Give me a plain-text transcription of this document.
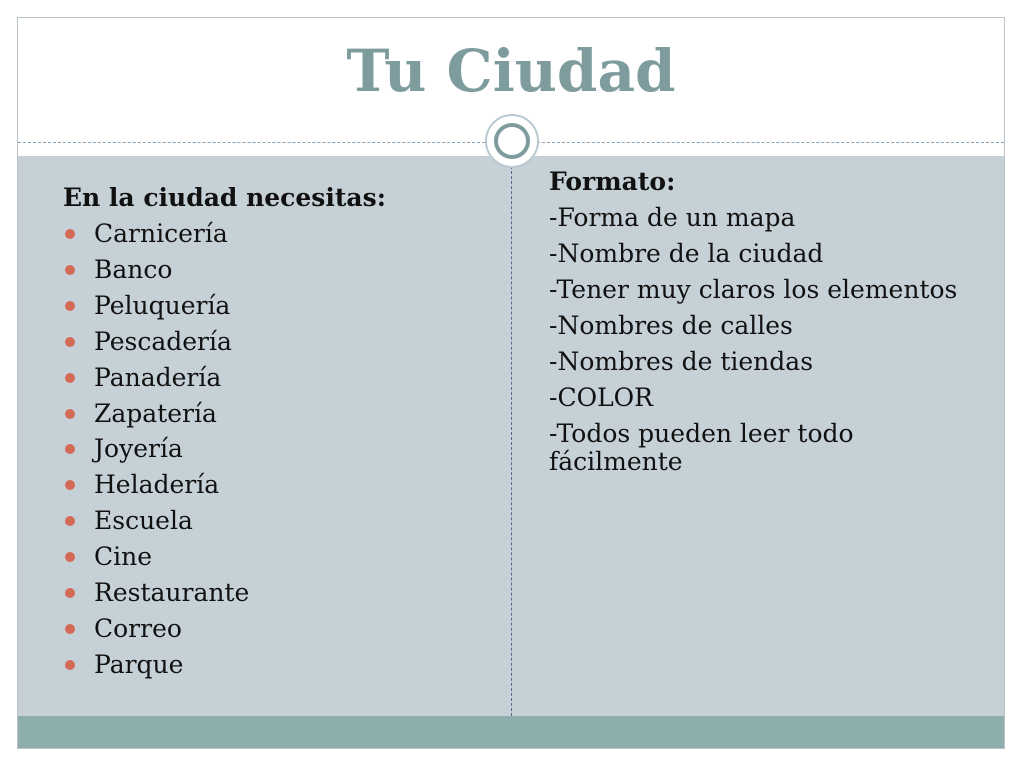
Tu Ciudad
En la ciudad necesitas:
Carnicería
Banco
Peluquería
Pescadería
Panadería
Zapatería
Joyería
Heladería
Escuela
Cine
Restaurante
Correo
Parque
Formato:
-Forma de un mapa
-Nombre de la ciudad
-Tener muy claros los elementos
-Nombres de calles
-Nombres de tiendas
-COLOR
-Todos pueden leer todo fácilmente
